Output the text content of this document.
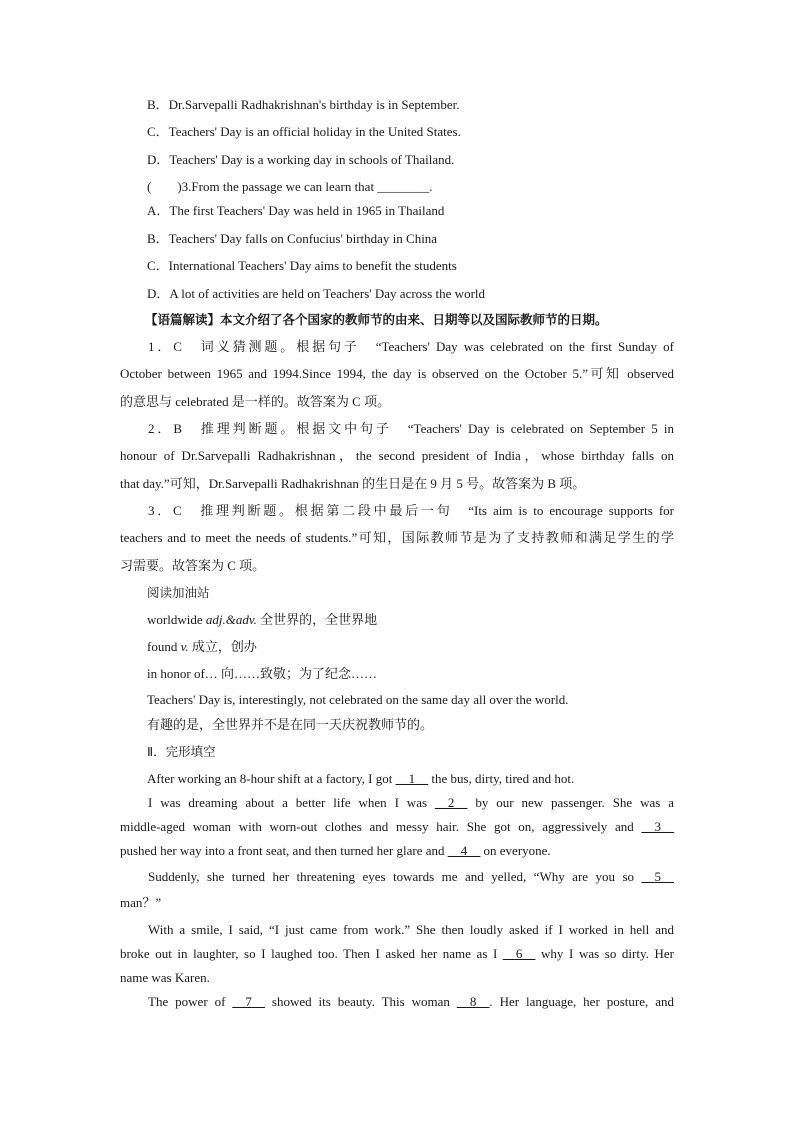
B．Dr.Sarvepalli Radhakrishnan's birthday is in September.
C．Teachers' Day is an official holiday in the United States.
D．Teachers' Day is a working day in schools of Thailand.
(　　)3.From the passage we can learn that ________.
A．The first Teachers' Day was held in 1965 in Thailand
B．Teachers' Day falls on Confucius' birthday in China
C．International Teachers' Day aims to benefit the students
D．A lot of activities are held on Teachers' Day across the world
【语篇解读】本文介绍了各个国家的教师节的由来、日期等以及国际教师节的日期。
1．C　词义猜测题。根据句子　“Teachers' Day was celebrated on the first Sunday of
October between 1965 and 1994.Since 1994, the day is observed on the October 5.”可知 observed
的意思与 celebrated 是一样的。故答案为 C 项。
2．B　推理判断题。根据文中句子　“Teachers' Day is celebrated on September 5 in
honour of Dr.Sarvepalli Radhakrishnan，the second president of India，whose birthday falls on
that day.”可知，Dr.Sarvepalli Radhakrishnan 的生日是在 9 月 5 号。故答案为 B 项。
3．C　推理判断题。根据第二段中最后一句　“Its aim is to encourage supports for
teachers and to meet the needs of students.”可知，国际教师节是为了支持教师和满足学生的学
习需要。故答案为 C 项。
阅读加油站
worldwide adj.&adv. 全世界的，全世界地
found v. 成立，创办
in honor of… 向……致敬；为了纪念……
Teachers' Day is, interestingly, not celebrated on the same day all over the world.
有趣的是，全世界并不是在同一天庆祝教师节的。
Ⅱ．完形填空
After working an 8-hour shift at a factory, I got __1__ the bus, dirty, tired and hot.
I was dreaming about a better life when I was __2__ by our new passenger. She was a
middle-aged woman with worn-out clothes and messy hair. She got on, aggressively and __3__
pushed her way into a front seat, and then turned her glare and __4__ on everyone.
Suddenly, she turned her threatening eyes towards me and yelled, “Why are you so __5__
man？”
With a smile, I said, “I just came from work.” She then loudly asked if I worked in hell and
broke out in laughter, so I laughed too. Then I asked her name as I __6__ why I was so dirty. Her
name was Karen.
The power of __7__ showed its beauty. This woman __8__. Her language, her posture, and
